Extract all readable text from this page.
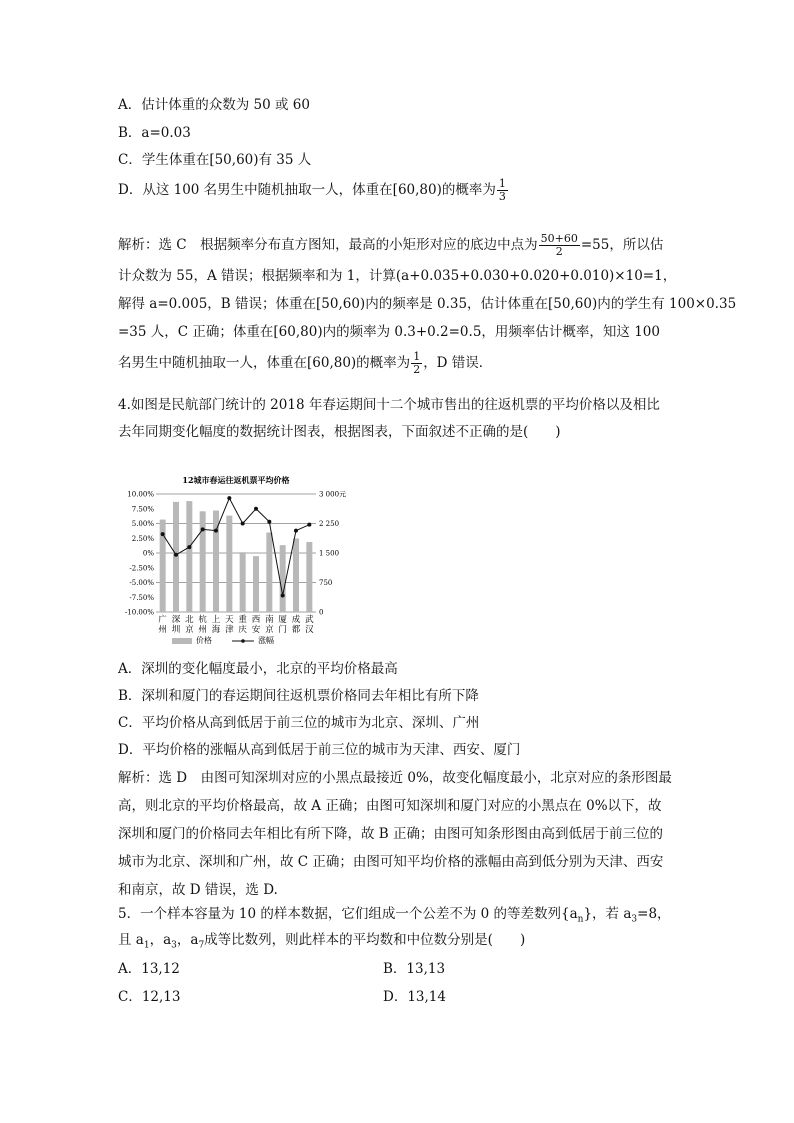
A．估计体重的众数为 50 或 60
B．a=0.03
C．学生体重在[50,60)有 35 人
D．从这 100 名男生中随机抽取一人，体重在[60,80)的概率为 $\frac{1}{3}$
解析：选 C　根据频率分布直方图知，最高的小矩形对应的底边中点为 $\frac{50+60}{2} =55$，所以估
计众数为 55，A 错误；根据频率和为 1，计算(a+0.035+0.030+0.020+0.010)×10=1，
解得 a=0.005，B 错误；体重在[50,60)内的频率是 0.35，估计体重在[50,60)内的学生有 100×0.35
=35 人，C 正确；体重在[60,80)内的频率为 0.3+0.2=0.5，用频率估计概率，知这 100
名男生中随机抽取一人，体重在[60,80)的概率为 $\frac{1}{2}$ ，D 错误．
4.如图是民航部门统计的 2018 年春运期间十二个城市售出的往返机票的平均价格以及相比
去年同期变化幅度的数据统计图表，根据图表，下面叙述不正确的是(　　)
12城市春运往返机票平均价格
10.00%
7.50%
5.00%
2.50%
0%
-2.50%
-5.00%
-7.50%
-10.00%
3 000元
2 250
1 500
750
0
广
州
深
圳
北
京
杭
州
上
海
天
津
重
庆
西
安
南
京
厦
门
成
都
武
汉
价格	涨幅
A．深圳的变化幅度最小，北京的平均价格最高
B．深圳和厦门的春运期间往返机票价格同去年相比有所下降
C．平均价格从高到低居于前三位的城市为北京、深圳、广州
D．平均价格的涨幅从高到低居于前三位的城市为天津、西安、厦门
解析：选 D　由图可知深圳对应的小黑点最接近 0%，故变化幅度最小，北京对应的条形图最
高，则北京的平均价格最高，故 A 正确；由图可知深圳和厦门对应的小黑点在 0%以下，故
深圳和厦门的价格同去年相比有所下降，故 B 正确；由图可知条形图由高到低居于前三位的
城市为北京、深圳和广州，故 C 正确；由图可知平均价格的涨幅由高到低分别为天津、西安
和南京，故 D 错误，选 D.
5．一个样本容量为 10 的样本数据，它们组成一个公差不为 0 的等差数列$\{a_n\}$，若 $a_3=8$，
且 $a_1$，$a_3$，$a_7$成等比数列，则此样本的平均数和中位数分别是(　　)
A．13,12	B．13,13
C．12,13	D．13,14
